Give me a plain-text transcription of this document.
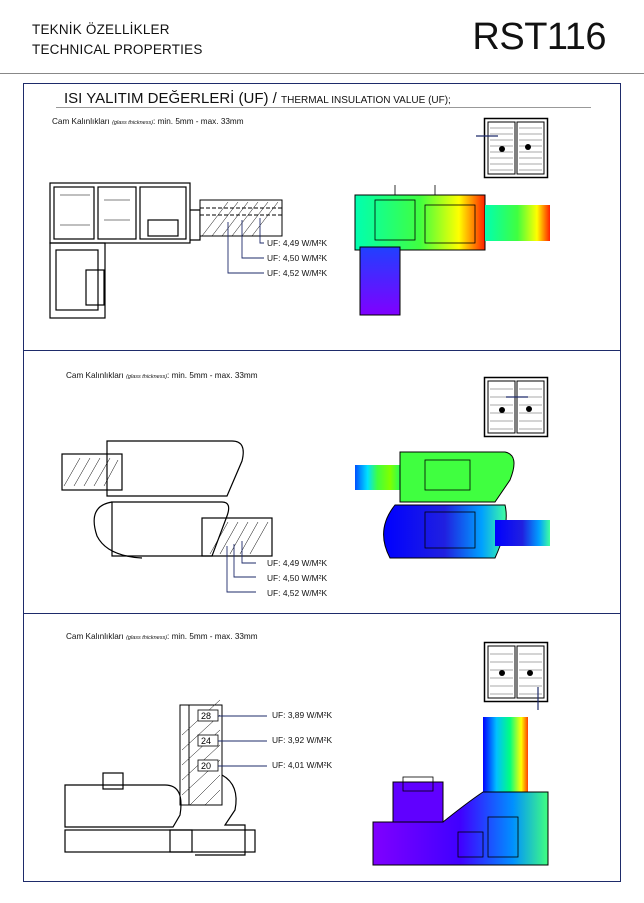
TEKNİK ÖZELLİKLER
TECHNICAL PROPERTIES	RST116
ISI YALITIM DEĞERLERİ (UF) / THERMAL INSULATION VALUE (UF);
Cam Kalınlıkları (glass thickness): min. 5mm - max. 33mm
UF: 4,49 W/M²K
UF: 4,50 W/M²K
UF: 4,52 W/M²K
Cam Kalınlıkları (glass thickness): min. 5mm - max. 33mm
UF: 4,49 W/M²K
UF: 4,50 W/M²K
UF: 4,52 W/M²K
Cam Kalınlıkları (glass thickness): min. 5mm - max. 33mm
28
24
20
UF: 3,89 W/M²K
UF: 3,92 W/M²K
UF: 4,01 W/M²K
